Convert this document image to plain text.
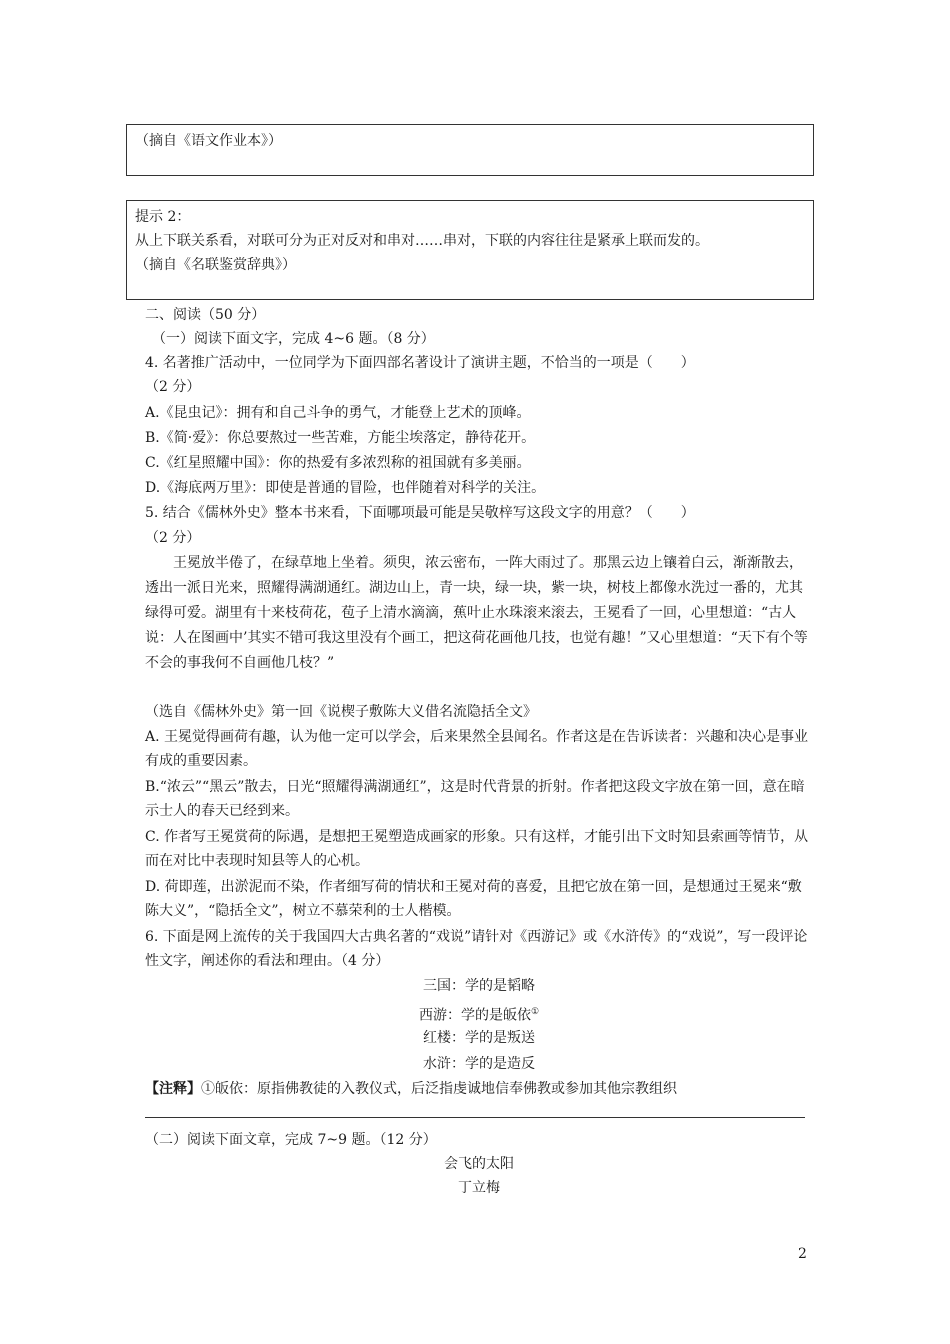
（摘自《语文作业本》）
提示 2：
从上下联关系看，对联可分为正对反对和串对……串对，下联的内容往往是紧承上联而发的。
（摘自《名联鉴赏辞典》）
二、阅读（50 分）
（一）阅读下面文字，完成 4~6 题。（8 分）
4. 名著推广活动中，一位同学为下面四部名著设计了演讲主题，不恰当的一项是（　　）
（2 分）
A.《昆虫记》：拥有和自己斗争的勇气，才能登上艺术的顶峰。
B.《简·爱》：你总要熬过一些苦难，方能尘埃落定，静待花开。
C.《红星照耀中国》：你的热爱有多浓烈称的祖国就有多美丽。
D.《海底两万里》：即使是普通的冒险，也伴随着对科学的关注。
5. 结合《儒林外史》整本书来看，下面哪项最可能是吴敬梓写这段文字的用意？（　　）
（2 分）
王冕放半倦了，在绿草地上坐着。须臾，浓云密布，一阵大雨过了。那黑云边上镶着白云，渐渐散去，透出一派日光来，照耀得满湖通红。湖边山上，青一块，绿一块，紫一块，树枝上都像水洗过一番的，尤其绿得可爱。湖里有十来枝荷花，苞子上清水滴滴，蕉叶止水珠滚来滚去，王冕看了一回，心里想道：“古人说：人在图画中’其实不错可我这里没有个画工，把这荷花画他几技，也觉有趣！”又心里想道：“天下有个等不会的事我何不自画他几枝？”
（选自《儒林外史》第一回《说楔子敷陈大义借名流隐括全文》
A. 王冕觉得画荷有趣，认为他一定可以学会，后来果然全县闻名。作者这是在告诉读者：兴趣和决心是事业有成的重要因素。
B.“浓云”“黑云”散去，日光“照耀得满湖通红”，这是时代背景的折射。作者把这段文字放在第一回，意在暗示士人的春天已经到来。
C. 作者写王冕赏荷的际遇，是想把王冕塑造成画家的形象。只有这样，才能引出下文时知县索画等情节，从而在对比中表现时知县等人的心机。
D. 荷即莲，出淤泥而不染，作者细写荷的情状和王冕对荷的喜爱，且把它放在第一回，是想通过王冕来“敷陈大义”，“隐括全文”，树立不慕荣利的士人楷模。
6. 下面是网上流传的关于我国四大古典名著的“戏说”请针对《西游记》或《水浒传》的“戏说”，写一段评论性文字，阐述你的看法和理由。（4 分）
三国：学的是韬略
西游：学的是皈依①
红楼：学的是叛送
水浒：学的是造反
【注释】①皈依：原指佛教徒的入教仪式，后泛指虔诚地信奉佛教或参加其他宗教组织
（二）阅读下面文章，完成 7~9 题。（12 分）
会飞的太阳
丁立梅
2
